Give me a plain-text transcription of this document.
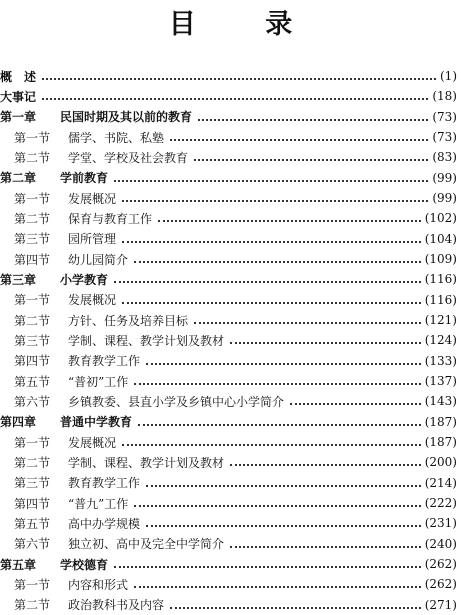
目 录
概　述	(1)
大事记	(18)
第一章	民国时期及其以前的教育	(73)
第一节	儒学、书院、私塾	(73)
第二节	学堂、学校及社会教育	(83)
第二章	学前教育	(99)
第一节	发展概况	(99)
第二节	保育与教育工作	(102)
第三节	园所管理	(104)
第四节	幼儿园简介	(109)
第三章	小学教育	(116)
第一节	发展概况	(116)
第二节	方针、任务及培养目标	(121)
第三节	学制、课程、教学计划及教材	(124)
第四节	教育教学工作	(133)
第五节	“普初”工作	(137)
第六节	乡镇教委、县直小学及乡镇中心小学简介	(143)
第四章	普通中学教育	(187)
第一节	发展概况	(187)
第二节	学制、课程、教学计划及教材	(200)
第三节	教育教学工作	(214)
第四节	“普九”工作	(222)
第五节	高中办学规模	(231)
第六节	独立初、高中及完全中学简介	(240)
第五章	学校德育	(262)
第一节	内容和形式	(262)
第二节	政治教科书及内容	(271)
